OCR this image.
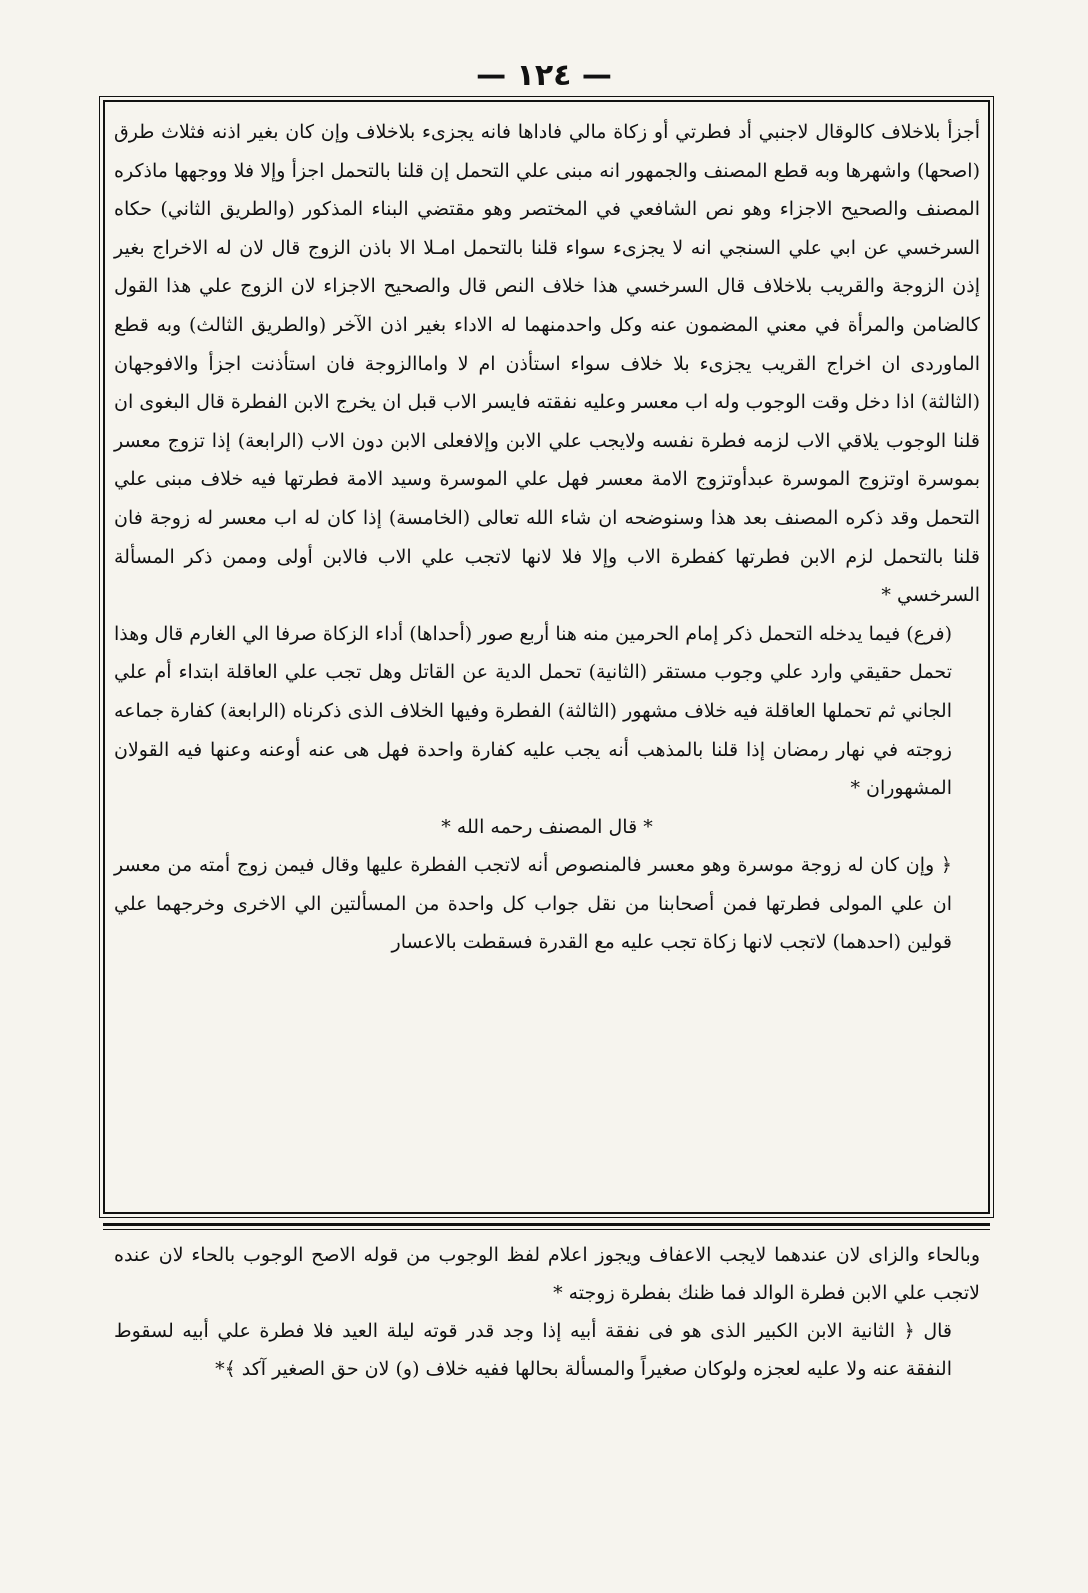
— ١٢٤ —

أجزأ بلاخلاف كالوقال لاجنبي أد فطرتي أو زكاة مالي فاداها فانه يجزىء بلاخلاف وإن كان بغير اذنه فثلاث طرق (اصحها) واشهرها وبه قطع المصنف والجمهور انه مبنى علي التحمل إن قلنا بالتحمل اجزأ وإلا فلا ووجهها ماذكره المصنف والصحيح الاجزاء وهو نص الشافعي في المختصر وهو مقتضي البناء المذكور (والطريق الثاني) حكاه السرخسي عن ابي علي السنجي انه لا يجزىء سواء قلنا بالتحمل امـلا الا باذن الزوج قال لان له الاخراج بغير إذن الزوجة والقريب بلاخلاف قال السرخسي هذا خلاف النص قال والصحيح الاجزاء لان الزوج علي هذا القول كالضامن والمرأة في معني المضمون عنه وكل واحدمنهما له الاداء بغير اذن الآخر (والطريق الثالث) وبه قطع الماوردى ان اخراج القريب يجزىء بلا خلاف سواء استأذن ام لا واماالزوجة فان استأذنت اجزأ والافوجهان (الثالثة) اذا دخل وقت الوجوب وله اب معسر وعليه نفقته فايسر الاب قبل ان يخرج الابن الفطرة قال البغوى ان قلنا الوجوب يلاقي الاب لزمه فطرة نفسه ولايجب علي الابن وإلافعلى الابن دون الاب (الرابعة) إذا تزوج معسر بموسرة اوتزوج الموسرة عبدأوتزوج الامة معسر فهل علي الموسرة وسيد الامة فطرتها فيه خلاف مبنى علي التحمل وقد ذكره المصنف بعد هذا وسنوضحه ان شاء الله تعالى (الخامسة) إذا كان له اب معسر له زوجة فان قلنا بالتحمل لزم الابن فطرتها كفطرة الاب وإلا فلا لانها لاتجب علي الاب فالابن أولى وممن ذكر المسألة السرخسي *

(فرع) فيما يدخله التحمل ذكر إمام الحرمين منه هنا أربع صور (أحداها) أداء الزكاة صرفا الي الغارم قال وهذا تحمل حقيقي وارد علي وجوب مستقر (الثانية) تحمل الدية عن القاتل وهل تجب علي العاقلة ابتداء أم علي الجاني ثم تحملها العاقلة فيه خلاف مشهور (الثالثة) الفطرة وفيها الخلاف الذى ذكرناه (الرابعة) كفارة جماعه زوجته في نهار رمضان إذا قلنا بالمذهب أنه يجب عليه كفارة واحدة فهل هى عنه أوعنه وعنها فيه القولان المشهوران *

* قال المصنف رحمه الله *

﴿ وإن كان له زوجة موسرة وهو معسر فالمنصوص أنه لاتجب الفطرة عليها وقال فيمن زوج أمته من معسر ان علي المولى فطرتها فمن أصحابنا من نقل جواب كل واحدة من المسألتين الي الاخرى وخرجهما علي قولين (احدهما) لاتجب لانها زكاة تجب عليه مع القدرة فسقطت بالاعسار

وبالحاء والزاى لان عندهما لايجب الاعفاف ويجوز اعلام لفظ الوجوب من قوله الاصح الوجوب بالحاء لان عنده لاتجب علي الابن فطرة الوالد فما ظنك بفطرة زوجته *

قال ﴿ الثانية الابن الكبير الذى هو فى نفقة أبيه إذا وجد قدر قوته ليلة العيد فلا فطرة علي أبيه لسقوط النفقة عنه ولا عليه لعجزه ولوكان صغيراً والمسألة بحالها ففيه خلاف (و) لان حق الصغير آكد ﴾*
